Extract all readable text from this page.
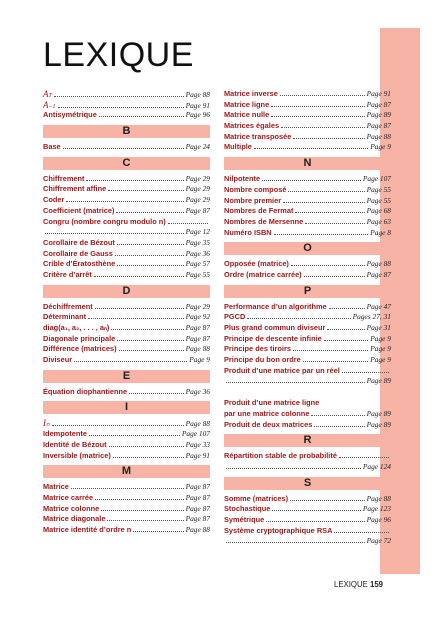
LEXIQUE
$A_T$	Page 88
$A_{-1}$	Page 91
Antisymétrique	Page 96
B
Base	Page 24
C
Chiffrement	Page 29
Chiffrement affine	Page 29
Coder	Page 29
Coefficient (matrice)	Page 87
Congru (nombre congru modulo n)
Page 12
Corollaire de Bézout	Page 35
Corollaire de Gauss	Page 36
Crible d’Ératosthène	Page 57
Critère d’arrêt	Page 55
D
Déchiffrement	Page 29
Déterminant	Page 92
diag(a₁, a₂, . . . , aₙ)	Page 87
Diagonale principale	Page 87
Différence (matrices)	Page 88
Diviseur	Page 9
E
Équation diophantienne	Page 36
I
Iₙ	Page 88
Idempotente	Page 107
Identité de Bézout	Page 33
Inversible (matrice)	Page 91
M
Matrice	Page 87
Matrice carrée	Page 87
Matrice colonne	Page 87
Matrice diagonale	Page 87
Matrice identité d’ordre n	Page 88
Matrice inverse	Page 91
Matrice ligne	Page 87
Matrice nulle	Page 89
Matrices égales	Page 87
Matrice transposée	Page 88
Multiple	Page 9
N
Nilpotente	Page 107
Nombre composé	Page 55
Nombre premier	Page 55
Nombres de Fermat	Page 68
Nombres de Mersenne	Page 63
Numéro ISBN	Page 8
O
Opposée (matrice)	Page 88
Ordre (matrice carrée)	Page 87
P
Performance d’un algorithme	Page 47
PGCD	Pages 27, 31
Plus grand commun diviseur	Page 31
Principe de descente infinie	Page 9
Principe des tiroirs	Page 9
Principe du bon ordre	Page 9
Produit d’une matrice par un réel
Page 89
Produit d’une matrice ligne
par une matrice colonne	Page 89
Produit de deux matrices	Page 89
R
Répartition stable de probabilité
Page 124
S
Somme (matrices)	Page 88
Stochastique	Page 123
Symétrique	Page 96
Système cryptographique RSA
Page 72
LEXIQUE 159
